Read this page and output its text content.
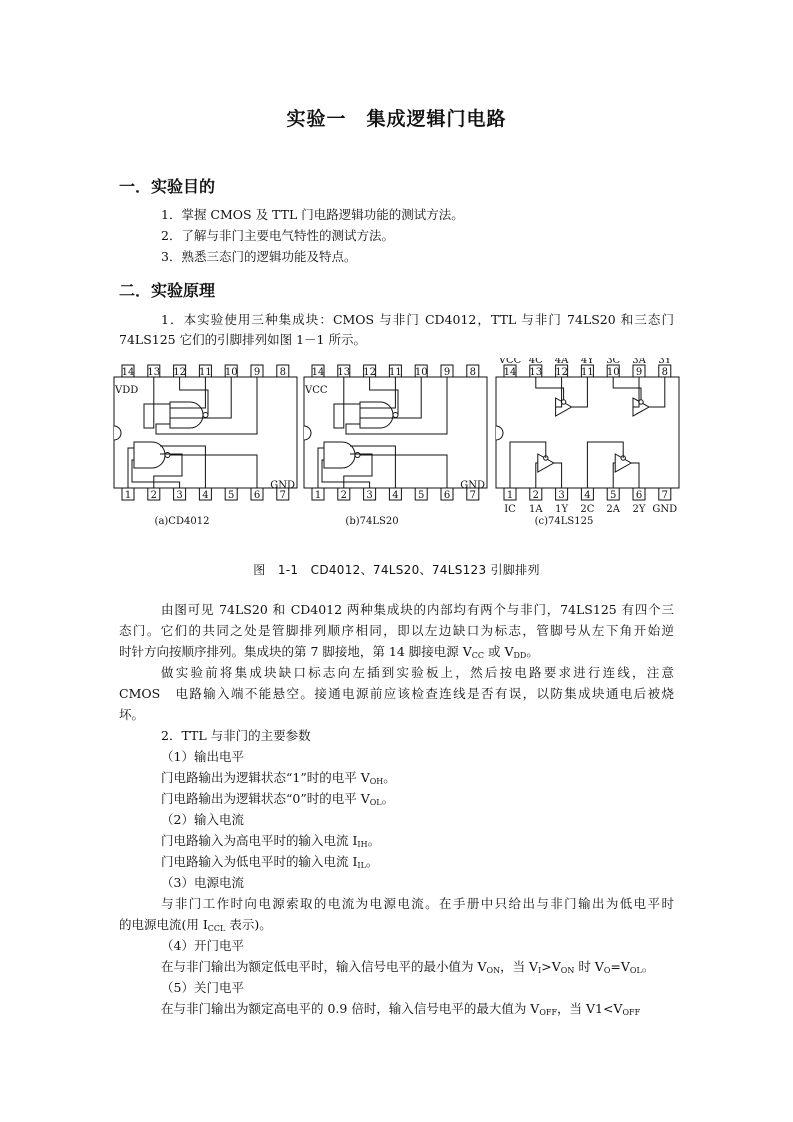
实验一　集成逻辑门电路
一．实验目的
1．掌握 CMOS 及 TTL 门电路逻辑功能的测试方法。
2．了解与非门主要电气特性的测试方法。
3．熟悉三态门的逻辑功能及特点。
二．实验原理
1．本实验使用三种集成块：CMOS 与非门 CD4012，TTL 与非门 74LS20 和三态门
74LS125 它们的引脚排列如图 1－1 所示。
14
1
13
2
12
3
11
4
10
5
9
6
8
7
(a)CD4012
VDD
GND
14
1
13
2
12
3
11
4
10
5
9
6
8
7
(b)74LS20
VCC
GND
14
1
13
2
12
3
11
4
10
5
9
6
8
7
(c)74LS125
VCC 4C 4A 4Y 3C 3A 3Y
IC 1A 1Y 2C 2A 2Y GND
图　1-1　CD4012、74LS20、74LS123 引脚排列
由图可见 74LS20 和 CD4012 两种集成块的内部均有两个与非门，74LS125 有四个三
态门。它们的共同之处是管脚排列顺序相同，即以左边缺口为标志，管脚号从左下角开始逆
时针方向按顺序排列。集成块的第 7 脚接地，第 14 脚接电源 $V_{CC}$ 或 $V_{DD}$。
做实验前将集成块缺口标志向左插到实验板上，然后按电路要求进行连线，注意
CMOS　电路输入端不能悬空。接通电源前应该检查连线是否有误，以防集成块通电后被烧
坏。
2．TTL 与非门的主要参数
（1）输出电平
门电路输出为逻辑状态“1”时的电平 $V_{OH}$。
门电路输出为逻辑状态“0”时的电平 $V_{OL}$。
（2）输入电流
门电路输入为高电平时的输入电流 $I_{IH}$。
门电路输入为低电平时的输入电流 $I_{IL}$。
（3）电源电流
与非门工作时向电源索取的电流为电源电流。在手册中只给出与非门输出为低电平时
的电源电流(用 $I_{CCL}$ 表示)。
（4）开门电平
在与非门输出为额定低电平时，输入信号电平的最小值为 $V_{ON}$，当 $V_I>V_{ON}$ 时 $V_O=V_{OL}$。
（5）关门电平
在与非门输出为额定高电平的 0.9 倍时，输入信号电平的最大值为 $V_{OFF}$，当 $V1<V_{OFF}$
